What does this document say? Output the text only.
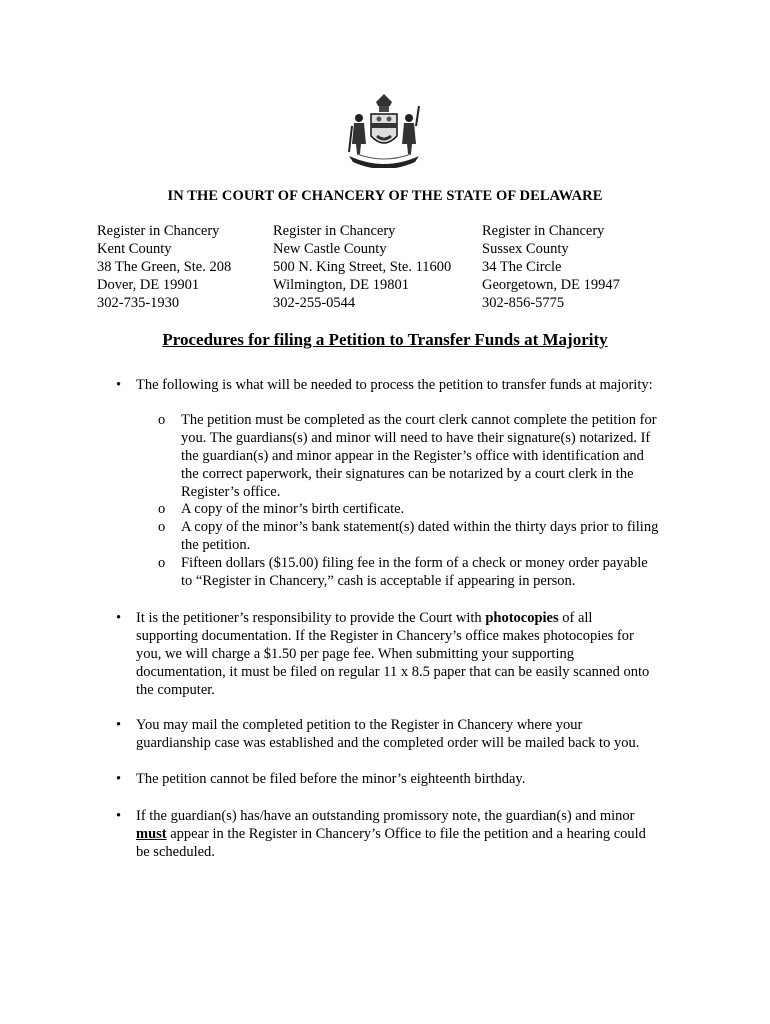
IN THE COURT OF CHANCERY OF THE STATE OF DELAWARE
Register in Chancery
Kent County
38 The Green, Ste. 208
Dover, DE 19901
302-735-1930
Register in Chancery
New Castle County
500 N. King Street, Ste. 11600
Wilmington, DE 19801
302-255-0544
Register in Chancery
Sussex County
34 The Circle
Georgetown, DE 19947
302-856-5775
Procedures for filing a Petition to Transfer Funds at Majority
• The following is what will be needed to process the petition to transfer funds at majority:
o The petition must be completed as the court clerk cannot complete the petition for
you. The guardians(s) and minor will need to have their signature(s) notarized. If
the guardian(s) and minor appear in the Register’s office with identification and
the correct paperwork, their signatures can be notarized by a court clerk in the
Register’s office.
o A copy of the minor’s birth certificate.
o A copy of the minor’s bank statement(s) dated within the thirty days prior to filing
the petition.
o Fifteen dollars ($15.00) filing fee in the form of a check or money order payable
to “Register in Chancery,” cash is acceptable if appearing in person.
• It is the petitioner’s responsibility to provide the Court with photocopies of all
supporting documentation. If the Register in Chancery’s office makes photocopies for
you, we will charge a $1.50 per page fee. When submitting your supporting
documentation, it must be filed on regular 11 x 8.5 paper that can be easily scanned onto
the computer.
• You may mail the completed petition to the Register in Chancery where your
guardianship case was established and the completed order will be mailed back to you.
• The petition cannot be filed before the minor’s eighteenth birthday.
• If the guardian(s) has/have an outstanding promissory note, the guardian(s) and minor
must appear in the Register in Chancery’s Office to file the petition and a hearing could
be scheduled.
